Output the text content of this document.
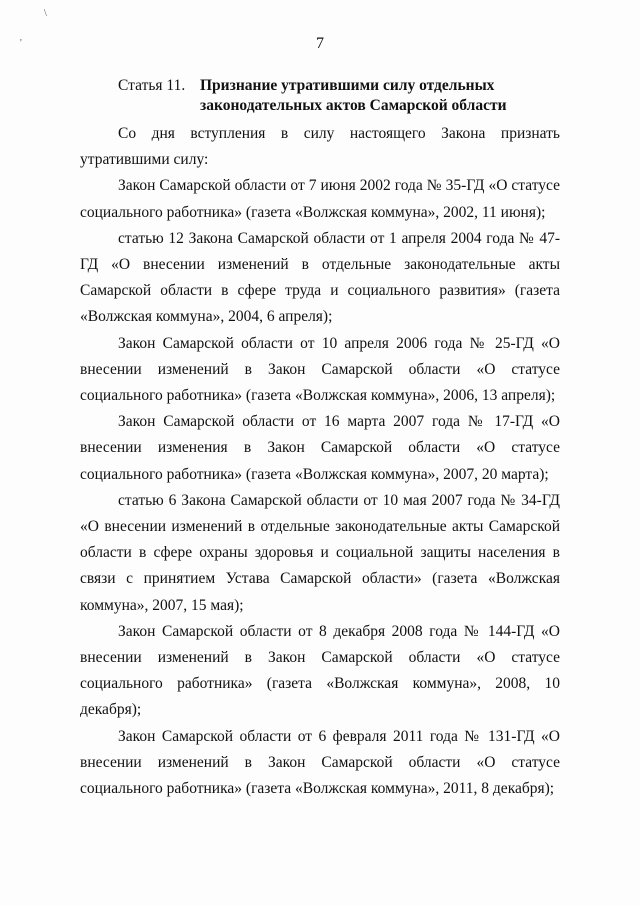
\
'	7
Статья 11. Признание утратившими силу отдельных законодательных актов Самарской области

Со дня вступления в силу настоящего Закона признать утратившими силу:

Закон Самарской области от 7 июня 2002 года № 35-ГД «О статусе социального работника» (газета «Волжская коммуна», 2002, 11 июня);

статью 12 Закона Самарской области от 1 апреля 2004 года № 47-ГД «О внесении изменений в отдельные законодательные акты Самарской области в сфере труда и социального развития» (газета «Волжская коммуна», 2004, 6 апреля);

Закон Самарской области от 10 апреля 2006 года № 25-ГД «О внесении изменений в Закон Самарской области «О статусе социального работника» (газета «Волжская коммуна», 2006, 13 апреля);

Закон Самарской области от 16 марта 2007 года № 17-ГД «О внесении изменения в Закон Самарской области «О статусе социального работника» (газета «Волжская коммуна», 2007, 20 марта);

статью 6 Закона Самарской области от 10 мая 2007 года № 34-ГД «О внесении изменений в отдельные законодательные акты Самарской области в сфере охраны здоровья и социальной защиты населения в связи с принятием Устава Самарской области» (газета «Волжская коммуна», 2007, 15 мая);

Закон Самарской области от 8 декабря 2008 года № 144-ГД «О внесении изменений в Закон Самарской области «О статусе социального работника» (газета «Волжская коммуна», 2008, 10 декабря);

Закон Самарской области от 6 февраля 2011 года № 131-ГД «О внесении изменений в Закон Самарской области «О статусе социального работника» (газета «Волжская коммуна», 2011, 8 декабря);
